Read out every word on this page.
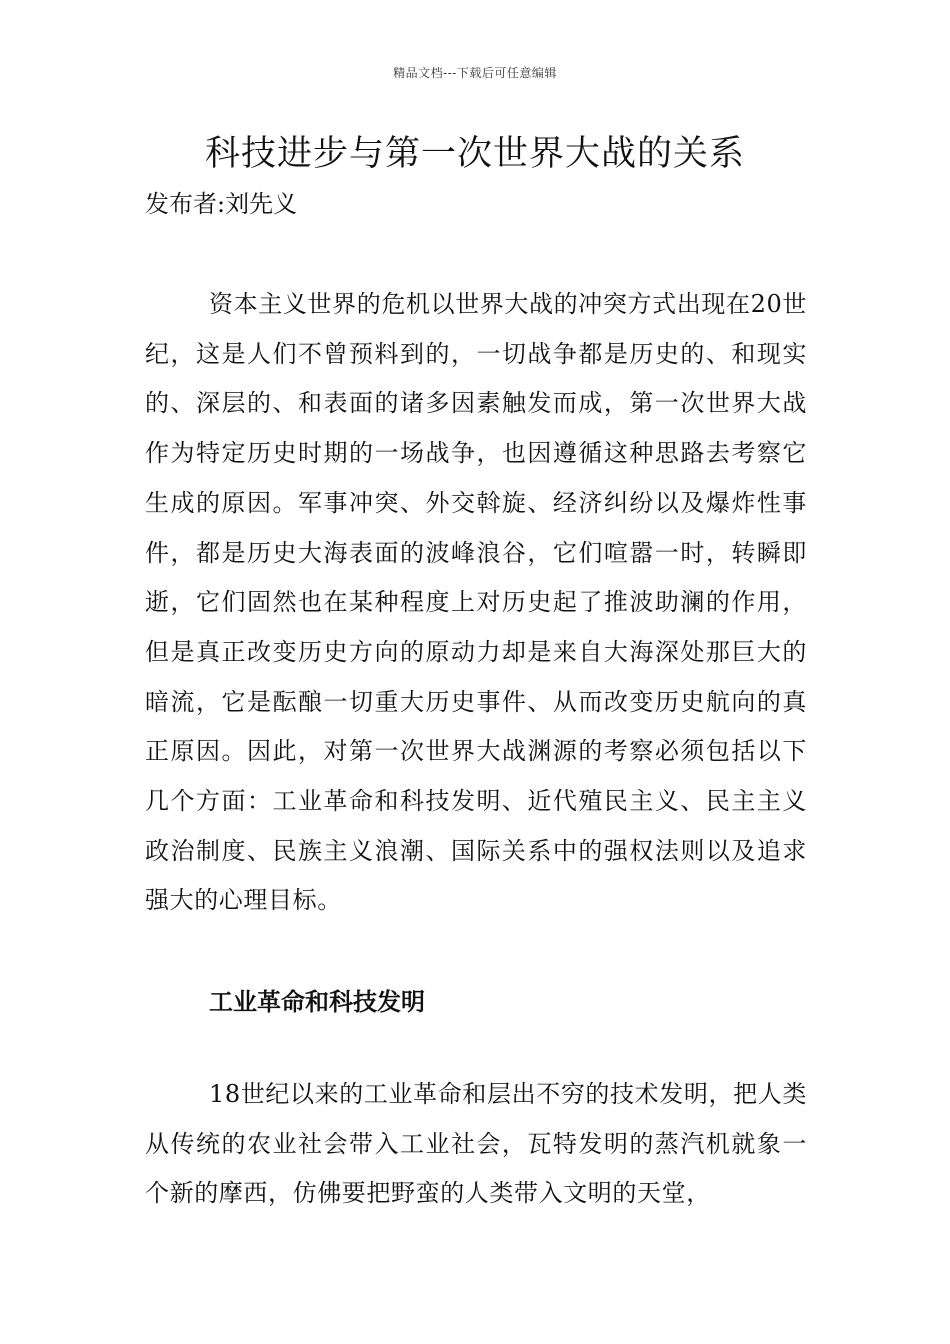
精品文档---下载后可任意编辑
科技进步与第一次世界大战的关系
发布者:刘先义

资本主义世界的危机以世界大战的冲突方式出现在20世纪，这是人们不曾预料到的，一切战争都是历史的、和现实的、深层的、和表面的诸多因素触发而成，第一次世界大战作为特定历史时期的一场战争，也因遵循这种思路去考察它生成的原因。军事冲突、外交斡旋、经济纠纷以及爆炸性事件，都是历史大海表面的波峰浪谷，它们喧嚣一时，转瞬即逝，它们固然也在某种程度上对历史起了推波助澜的作用，但是真正改变历史方向的原动力却是来自大海深处那巨大的暗流，它是酝酿一切重大历史事件、从而改变历史航向的真正原因。因此，对第一次世界大战渊源的考察必须包括以下几个方面：工业革命和科技发明、近代殖民主义、民主主义政治制度、民族主义浪潮、国际关系中的强权法则以及追求强大的心理目标。

工业革命和科技发明

18世纪以来的工业革命和层出不穷的技术发明，把人类从传统的农业社会带入工业社会，瓦特发明的蒸汽机就象一个新的摩西，仿佛要把野蛮的人类带入文明的天堂，
